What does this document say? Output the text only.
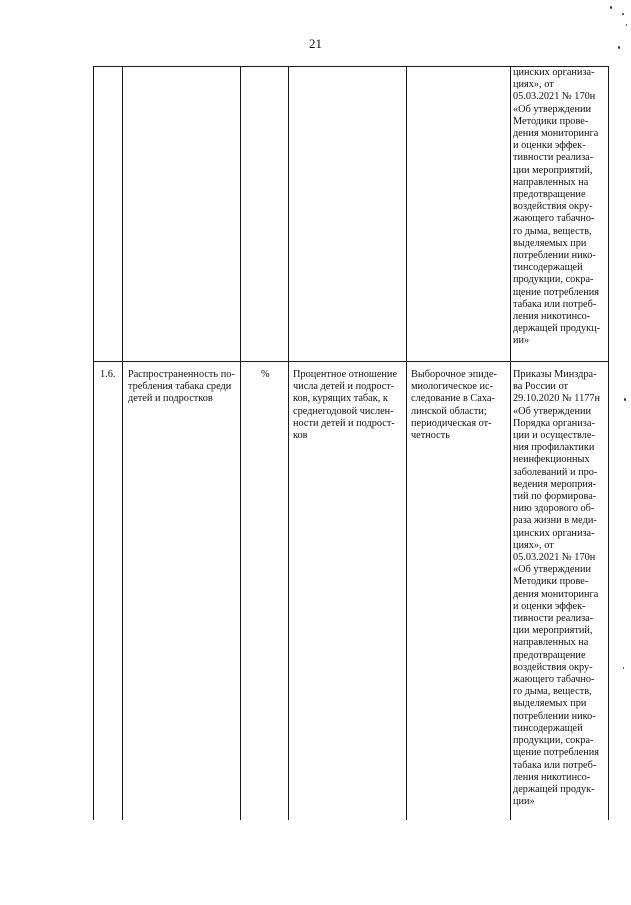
21
цинских организа-
циях», от
05.03.2021 № 170н
«Об утверждении
Методики прове-
дения мониторинга
и оценки эффек-
тивности реализа-
ции мероприятий,
направленных на
предотвращение
воздействия окру-
жающего табачно-
го дыма, веществ,
выделяемых при
потреблении нико-
тинсодержащей
продукции, сокра-
щение потребления
табака или потреб-
ления никотинсо-
держащей продукц-
ии»
1.6.	Распространенность по-
требления табака среди
детей и подростков
%	Процентное отношение
числа детей и подрост-
ков, курящих табак, к
среднегодовой числен-
ности детей и подрост-
ков
Выборочное эпиде-
миологическое ис-
следование в Саха-
линской области;
периодическая от-
четность
Приказы Минздра-
ва России от
29.10.2020 № 1177н
«Об утверждении
Порядка организа-
ции и осуществле-
ния профилактики
неинфекционных
заболеваний и про-
ведения мероприя-
тий по формирова-
нию здорового об-
раза жизни в меди-
цинских организа-
циях», от
05.03.2021 № 170н
«Об утверждении
Методики прове-
дения мониторинга
и оценки эффек-
тивности реализа-
ции мероприятий,
направленных на
предотвращение
воздействия окру-
жающего табачно-
го дыма, веществ,
выделяемых при
потреблении нико-
тинсодержащей
продукции, сокра-
щение потребления
табака или потреб-
ления никотинсо-
держащей продук-
ции»
